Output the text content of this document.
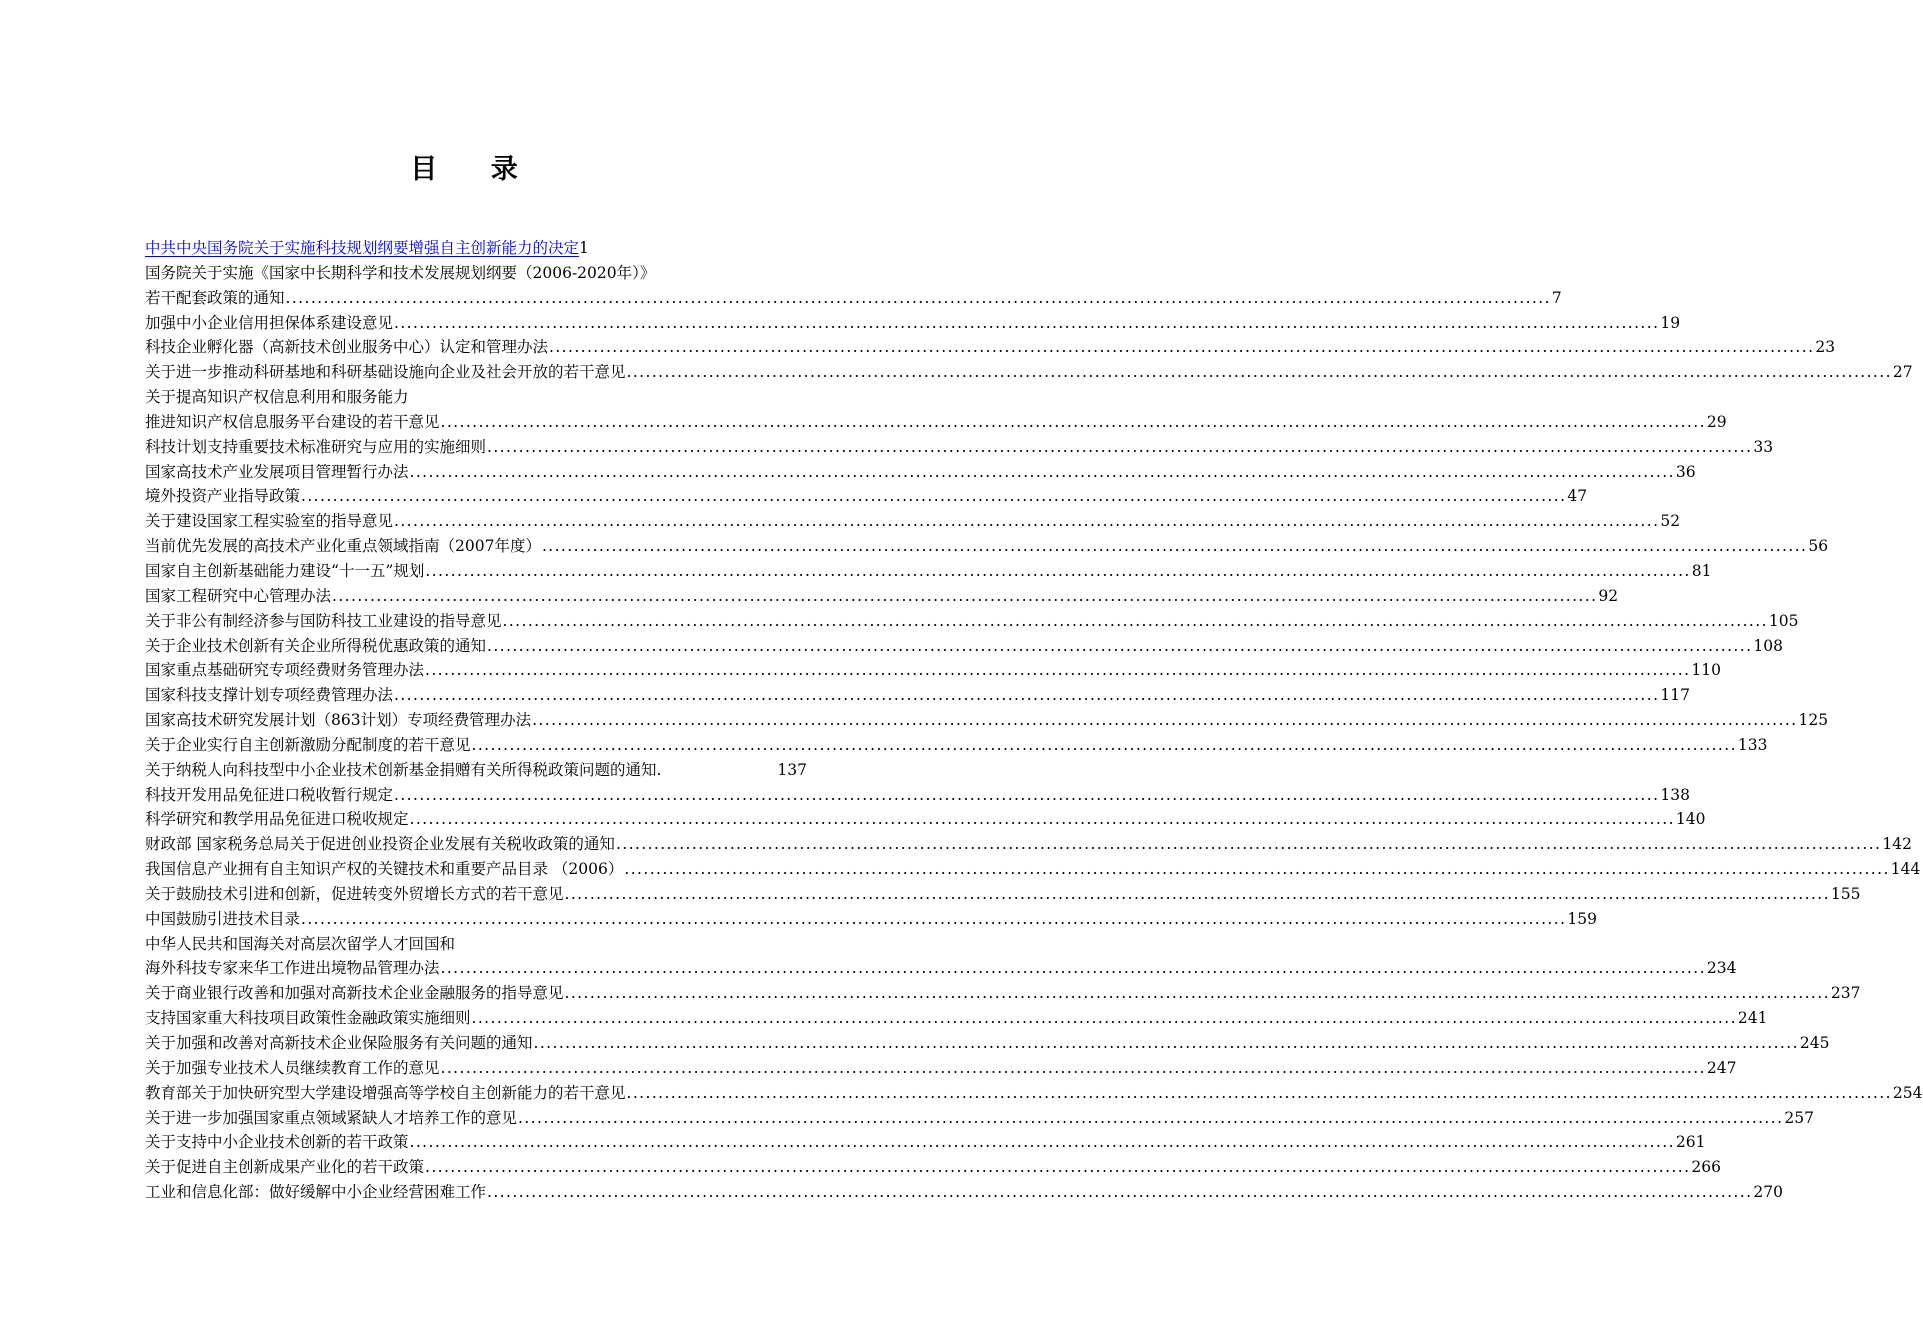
目 录
中共中央国务院关于实施科技规划纲要增强自主创新能力的决定 1
国务院关于实施《国家中长期科学和技术发展规划纲要（2006-2020年）》
若干配套政策的通知 ........................................................................................................................................................................................................ 7
加强中小企业信用担保体系建设意见 ........................................................................................................................................................................................................ 19
科技企业孵化器（高新技术创业服务中心）认定和管理办法 ........................................................................................................................................................................................................ 23
关于进一步推动科研基地和科研基础设施向企业及社会开放的若干意见 ........................................................................................................................................................................................................ 27
关于提高知识产权信息利用和服务能力
推进知识产权信息服务平台建设的若干意见 ........................................................................................................................................................................................................ 29
科技计划支持重要技术标准研究与应用的实施细则 ........................................................................................................................................................................................................ 33
国家高技术产业发展项目管理暂行办法 ........................................................................................................................................................................................................ 36
境外投资产业指导政策 ........................................................................................................................................................................................................ 47
关于建设国家工程实验室的指导意见 ........................................................................................................................................................................................................ 52
当前优先发展的高技术产业化重点领域指南（2007年度） ........................................................................................................................................................................................................ 56
国家自主创新基础能力建设“十一五”规划 ........................................................................................................................................................................................................ 81
国家工程研究中心管理办法 ........................................................................................................................................................................................................ 92
关于非公有制经济参与国防科技工业建设的指导意见 ........................................................................................................................................................................................................ 105
关于企业技术创新有关企业所得税优惠政策的通知 ........................................................................................................................................................................................................ 108
国家重点基础研究专项经费财务管理办法 ........................................................................................................................................................................................................ 110
国家科技支撑计划专项经费管理办法 ........................................................................................................................................................................................................ 117
国家高技术研究发展计划（863计划）专项经费管理办法 ........................................................................................................................................................................................................ 125
关于企业实行自主创新激励分配制度的若干意见 ........................................................................................................................................................................................................ 133
关于纳税人向科技型中小企业技术创新基金捐赠有关所得税政策问题的通知.	137
科技开发用品免征进口税收暂行规定 ........................................................................................................................................................................................................ 138
科学研究和教学用品免征进口税收规定 ........................................................................................................................................................................................................ 140
财政部 国家税务总局关于促进创业投资企业发展有关税收政策的通知 ........................................................................................................................................................................................................ 142
我国信息产业拥有自主知识产权的关键技术和重要产品目录 （2006） ........................................................................................................................................................................................................ 144
关于鼓励技术引进和创新，促进转变外贸增长方式的若干意见 ........................................................................................................................................................................................................ 155
中国鼓励引进技术目录 ........................................................................................................................................................................................................ 159
中华人民共和国海关对高层次留学人才回国和
海外科技专家来华工作进出境物品管理办法 ........................................................................................................................................................................................................ 234
关于商业银行改善和加强对高新技术企业金融服务的指导意见 ........................................................................................................................................................................................................ 237
支持国家重大科技项目政策性金融政策实施细则 ........................................................................................................................................................................................................ 241
关于加强和改善对高新技术企业保险服务有关问题的通知 ........................................................................................................................................................................................................ 245
关于加强专业技术人员继续教育工作的意见 ........................................................................................................................................................................................................ 247
教育部关于加快研究型大学建设增强高等学校自主创新能力的若干意见 ........................................................................................................................................................................................................ 254
关于进一步加强国家重点领域紧缺人才培养工作的意见 ........................................................................................................................................................................................................ 257
关于支持中小企业技术创新的若干政策 ........................................................................................................................................................................................................ 261
关于促进自主创新成果产业化的若干政策 ........................................................................................................................................................................................................ 266
工业和信息化部：做好缓解中小企业经营困难工作 ........................................................................................................................................................................................................ 270
